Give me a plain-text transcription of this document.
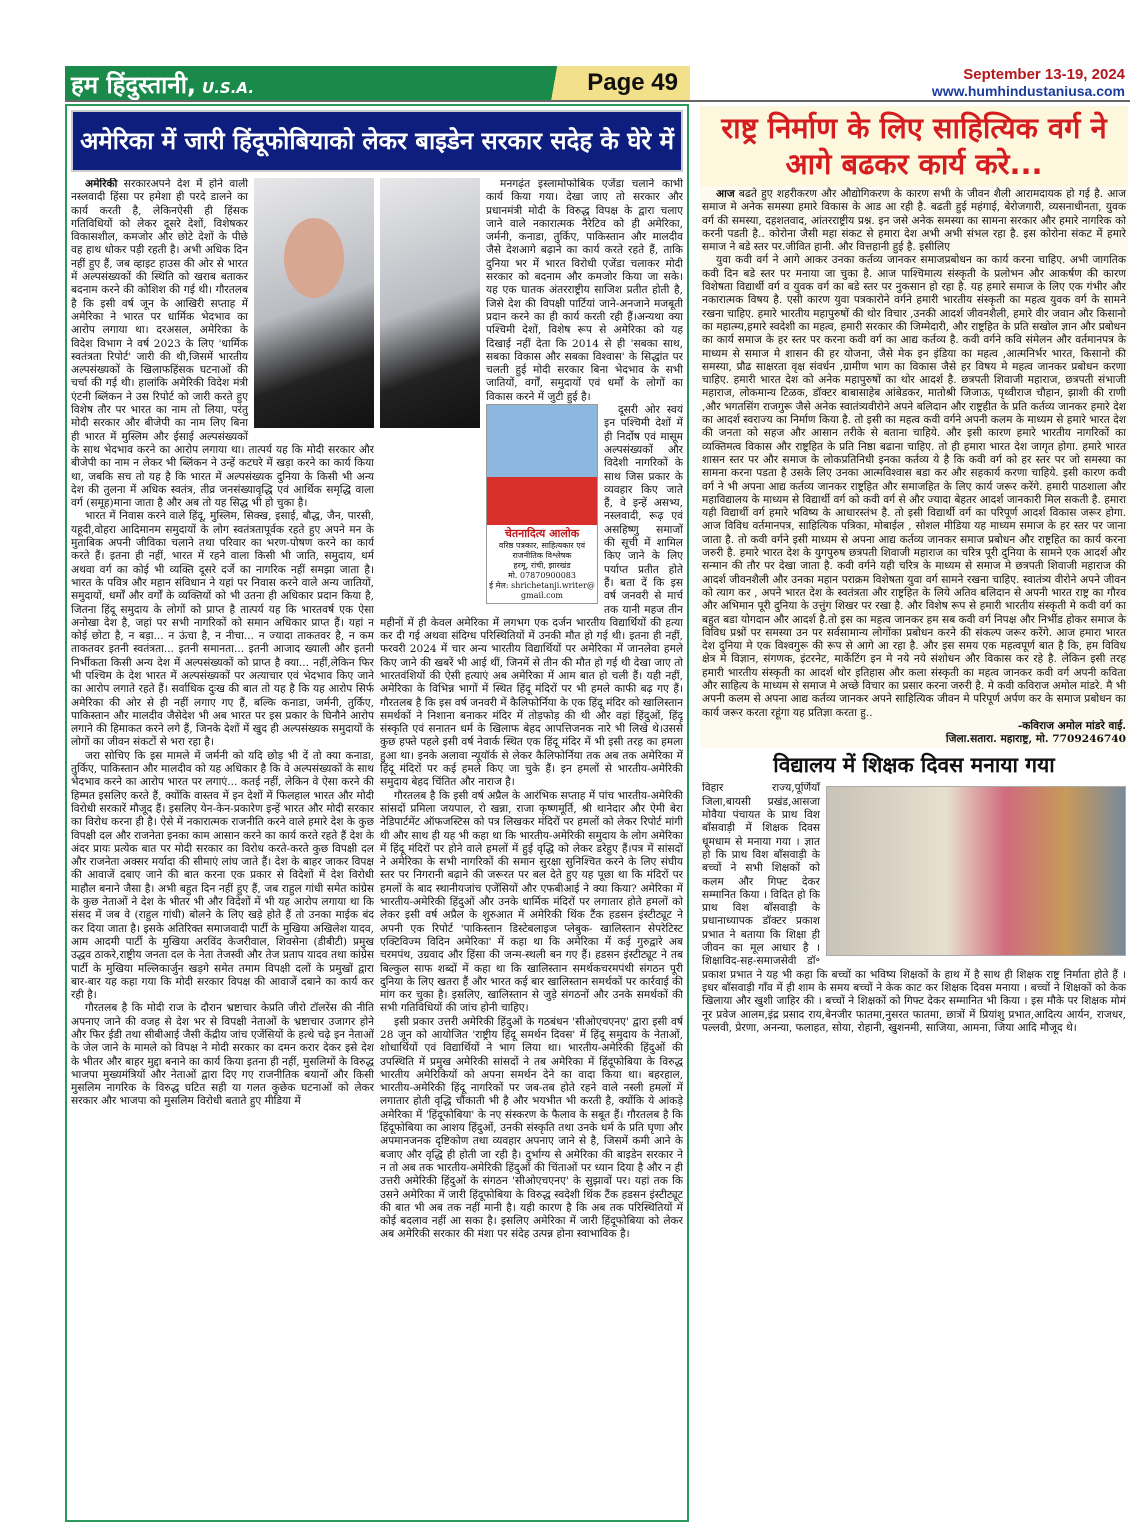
हम हिंदुस्तानी, U.S.A.	Page 49	September 13-19, 2024
www.humhindustaniusa.com
अमेरिका में जारी हिंदूफोबियाको लेकर बाइडेन सरकार सदेह के घेरे में

अमेरिकी सरकारअपने देश में होने वाली नस्लवादी हिंसा पर हमेशा ही परदे डालने का कार्य करती है, लेकिनऐसी ही हिंसक गतिविधियों को लेकर दूसरे देशों, विशेषकर विकासशील, कमजोर और छोटे देशों के पीछे वह हाथ धोकर पड़ी रहती है। अभी अधिक दिन नहीं हुए हैं, जब व्हाइट हाउस की ओर से भारत में अल्पसंख्यकों की स्थिति को खराब बताकर बदनाम करने की कोशिश की गई थी। गौरतलब है कि इसी वर्ष जून के आखिरी सप्ताह में अमेरिका ने भारत पर धार्मिक भेदभाव का आरोप लगाया था। दरअसल, अमेरिका के विदेश विभाग ने वर्ष 2023 के लिए 'धार्मिक स्वतंत्रता रिपोर्ट' जारी की थी,जिसमें भारतीय अल्पसंख्यकों के खिलाफहिंसक घटनाओं की चर्चा की गई थी। हालांकि अमेरिकी विदेश मंत्री एंटनी ब्लिंकन ने उस रिपोर्ट को जारी करते हुए विशेष तौर पर भारत का नाम तो लिया, परंतु मोदी सरकार और बीजेपी का नाम लिए बिना ही भारत में मुस्लिम और ईसाई अल्पसंख्यकों के साथ भेदभाव करने का आरोप लगाया था। तात्पर्य यह कि मोदी सरकार और बीजेपी का नाम न लेकर भी ब्लिंकन ने उन्हें कटघरे में खड़ा करने का कार्य किया था, जबकि सच तो यह है कि भारत में अल्पसंख्यक दुनिया के किसी भी अन्य देश की तुलना में अधिक स्वतंत्र, तीव्र जनसंख्यावृद्धि एवं आर्थिक समृद्धि वाला वर्ग (समूह)माना जाता है और अब तो यह सिद्ध भी हो चुका है।

भारत में निवास करने वाले हिंदू, मुस्लिम, सिक्ख, इसाई, बौद्ध, जैन, पारसी, यहूदी,वोहरा आदिमानम समुदायों के लोग स्वतंत्रतापूर्वक रहते हुए अपने मन के मुताबिक अपनी जीविका चलाने तथा परिवार का भरण-पोषण करने का कार्य करते हैं। इतना ही नहीं, भारत में रहने वाला किसी भी जाति, समुदाय, धर्म अथवा वर्ग का कोई भी व्यक्ति दूसरे दर्जे का नागरिक नहीं समझा जाता है। भारत के पवित्र और महान संविधान ने यहां पर निवास करने वाले अन्य जातियों, समुदायों, धर्मों और वर्गों के व्यक्तियों को भी उतना ही अधिकार प्रदान किया है, जितना हिंदू समुदाय के लोगों को प्राप्त है तात्पर्य यह कि भारतवर्ष एक ऐसा अनोखा देश है, जहां पर सभी नागरिकों को समान अधिकार प्राप्त हैं। यहां न कोई छोटा है, न बड़ा... न ऊंचा है, न नीचा... न ज्यादा ताकतवर है, न कम ताकतवर इतनी स्वतंत्रता... इतनी समानता... इतनी आजाद ख्याली और इतनी निर्भीकता किसी अन्य देश में अल्पसंख्यकों को प्राप्त है क्या... नहीं,लेकिन फिर भी पश्चिम के देश भारत में अल्पसंख्यकों पर अत्याचार एवं भेदभाव किए जाने का आरोप लगाते रहते हैं। सर्वाधिक दुःख की बात तो यह है कि यह आरोप सिर्फ अमेरिका की ओर से ही नहीं लगाए गए हैं, बल्कि कनाडा, जर्मनी, तुर्किए, पाकिस्तान और मालदीव जैसेदेश भी अब भारत पर इस प्रकार के घिनौने आरोप लगाने की हिमाकत करने लगे हैं, जिनके देशों में खुद ही अल्पसंख्यक समुदायों के लोगों का जीवन संकटों से भरा रहा है।

जरा सोचिए कि इस मामले में जर्मनी को यदि छोड़ भी दें तो क्या कनाडा, तुर्किए, पाकिस्तान और मालदीव को यह अधिकार है कि वे अल्पसंख्यकों के साथ भेदभाव करने का आरोप भारत पर लगाएं... कतई नहीं, लेकिन वे ऐसा करने की हिम्मत इसलिए करते हैं, क्योंकि वास्तव में इन देशों में फिलहाल भारत और मोदी विरोधी सरकारें मौजूद हैं। इसलिए येन-केन-प्रकारेण इन्हें भारत और मोदी सरकार का विरोध करना ही है। ऐसे में नकारात्मक राजनीति करने वाले हमारे देश के कुछ विपक्षी दल और राजनेता इनका काम आसान करने का कार्य करते रहते हैं देश के अंदर प्रायः प्रत्येक बात पर मोदी सरकार का विरोध करते-करते कुछ विपक्षी दल और राजनेता अक्सर मर्यादा की सीमाएं लांघ जाते हैं। देश के बाहर जाकर विपक्ष की आवाजें दबाए जाने की बात करना एक प्रकार से विदेशों में देश विरोधी माहौल बनाने जैसा है। अभी बहुत दिन नहीं हुए हैं, जब राहुल गांधी समेत कांग्रेस के कुछ नेताओं ने देश के भीतर भी और विदेशों में भी यह आरोप लगाया था कि संसद में जब वे (राहुल गांधी) बोलने के लिए खड़े होते हैं तो उनका माईक बंद कर दिया जाता है। इसके अतिरिक्त समाजवादी पार्टी के मुखिया अखिलेश यादव, आम आदमी पार्टी के मुखिया अरविंद केजरीवाल, शिवसेना (डीबीटी) प्रमुख उद्धव ठाकरे,राष्ट्रीय जनता दल के नेता तेजस्वी और तेज प्रताप यादव तथा कांग्रेस पार्टी के मुखिया मल्लिकार्जुन खड़गे समेत तमाम विपक्षी दलों के प्रमुखों द्वारा बार-बार यह कहा गया कि मोदी सरकार विपक्ष की आवाजें दबाने का कार्य कर रही है।

गौरतलब है कि मोदी राज के दौरान भ्रष्टाचार केप्रति जीरो टॉलरेंस की नीति अपनाए जाने की वजह से देश भर से विपक्षी नेताओं के भ्रष्टाचार उजागर होने और फिर ईडी तथा सीबीआई जैसी केंद्रीय जांच एजेंसियों के हत्थे चढ़े इन नेताओं के जेल जाने के मामले को विपक्ष ने मोदी सरकार का दमन करार देकर इसे देश के भीतर और बाहर मुद्दा बनाने का कार्य किया इतना ही नहीं, मुसलिमों के विरुद्ध भाजपा मुख्यमंत्रियों और नेताओं द्वारा दिए गए राजनीतिक बयानों और किसी मुसलिम नागरिक के विरुद्ध घटित सही या गलत कुछेक घटनाओं को लेकर सरकार और भाजपा को मुसलिम विरोधी बताते हुए मीडिया में

मनगढ़ंत इस्लामोफोबिक एजेंडा चलाने काभी कार्य किया गया। देखा जाए तो सरकार और प्रधानमंत्री मोदी के विरुद्ध विपक्ष के द्वारा चलाए जाने वाले नकारात्मक नैरेटिव को ही अमेरिका, जर्मनी, कनाडा, तुर्किए, पाकिस्तान और मालदीव जैसे देशआगे बढ़ाने का कार्य करते रहते हैं, ताकि दुनिया भर में भारत विरोधी एजेंडा चलाकर मोदी सरकार को बदनाम और कमजोर किया जा सके। यह एक घातक अंतरराष्ट्रीय साजिश प्रतीत होती है, जिसे देश की विपक्षी पार्टियां जाने-अनजाने मजबूती प्रदान करने का ही कार्य करती रही हैं।अन्यथा क्या पश्चिमी देशों, विशेष रूप से अमेरिका को यह दिखाई नहीं देता कि 2014 से ही 'सबका साथ, सबका विकास और सबका विश्वास' के सिद्धांत पर चलती हुई मोदी सरकार बिना भेदभाव के सभी जातियों, वर्गों, समुदायों एवं धर्मों के लोगों का विकास करने में जुटी हुई है।

चेतनादित्य आलोक
वरिष्ठ पत्रकार, साहित्यकार एवं राजनीतिक विश्लेषक
हरमू, रांची, झारखंड
मो. 07870900083
ई मेल: shrichetanji.writer@gmail.com

दूसरी ओर स्वयं इन पश्चिमी देशों में ही निर्दोष एवं मासूम अल्पसंख्यकों और विदेशी नागरिकों के साथ जिस प्रकार के व्यवहार किए जाते हैं, वे इन्हें असभ्य, नस्लवादी, रूढ़ एवं असहिष्णु समाजों की सूची में शामिल किए जाने के लिए पर्याप्त प्रतीत होते हैं। बता दें कि इस वर्ष जनवरी से मार्च तक यानी महज तीन महीनों में ही केवल अमेरिका में लगभग एक दर्जन भारतीय विद्यार्थियों की हत्या कर दी गई अथवा संदिग्ध परिस्थितियों में उनकी मौत हो गई थी। इतना ही नहीं, फरवरी 2024 में चार अन्य भारतीय विद्यार्थियों पर अमेरिका में जानलेवा हमले किए जाने की खबरें भी आई थीं, जिनमें से तीन की मौत हो गई थी देखा जाए तो भारतवंशियों की ऐसी हत्याएं अब अमेरिका में आम बात हो चली हैं। यही नहीं, अमेरिका के विभिन्न भागों में स्थित हिंदू मंदिरों पर भी हमले काफी बढ़ गए हैं। गौरतलब है कि इस वर्ष जनवरी में कैलिफोर्निया के एक हिंदू मंदिर को खालिस्तान समर्थकों ने निशाना बनाकर मंदिर में तोड़फोड़ की थी और वहां हिंदुओं, हिंदू संस्कृति एवं सनातन धर्म के खिलाफ बेहद आपत्तिजनक नारे भी लिखे थे।उससे कुछ हफ्ते पहले इसी वर्ष नेवार्क स्थित एक हिंदू मंदिर में भी इसी तरह का हमला हुआ था। इनके अलावा न्यूयॉर्क से लेकर कैलिफोर्निया तक अब तक अमेरिका में हिंदू मंदिरों पर कई हमले किए जा चुके हैं। इन हमलों से भारतीय-अमेरिकी समुदाय बेहद चिंतित और नाराज है।

गौरतलब है कि इसी वर्ष अप्रैल के आरंभिक सप्ताह में पांच भारतीय-अमेरिकी सांसदों प्रमिला जयपाल, रो खन्ना, राजा कृष्णमूर्ति, श्री थानेदार और ऐमी बेरा नेडिपार्टमेंट ऑफजस्टिस को पत्र लिखकर मंदिरों पर हमलों को लेकर रिपोर्ट मांगी थी और साथ ही यह भी कहा था कि भारतीय-अमेरिकी समुदाय के लोग अमेरिका में हिंदू मंदिरों पर होने वाले हमलों में हुई वृद्धि को लेकर डरेहुए हैं।पत्र में सांसदों ने अमेरिका के सभी नागरिकों की समान सुरक्षा सुनिश्चित करने के लिए संघीय स्तर पर निगरानी बढ़ाने की जरूरत पर बल देते हुए यह पूछा था कि मंदिरों पर हमलों के बाद स्थानीयजांच एजेंसियों और एफबीआई ने क्या किया? अमेरिका में भारतीय-अमेरिकी हिंदुओं और उनके धार्मिक मंदिरों पर लगातार होते हमलों को लेकर इसी वर्ष अप्रैल के शुरुआत में अमेरिकी थिंक टैंक हडसन इंस्टीट्यूट ने अपनी एक रिपोर्ट 'पाकिस्तान डिस्टेबलाइज प्लेबुक- खालिस्तान सेपरेटिस्ट एक्टिविज्म विदिन अमेरिका' में कहा था कि अमेरिका में कई गुरुद्वारे अब चरमपंथ, उग्रवाद और हिंसा की जन्म-स्थली बन गए हैं। हडसन इंस्टीट्यूट ने तब बिल्कुल साफ शब्दों में कहा था कि खालिस्तान समर्थकचरमपंथी संगठन पूरी दुनिया के लिए खतरा हैं और भारत कई बार खालिस्तान समर्थकों पर कार्रवाई की मांग कर चुका है। इसलिए, खालिस्तान से जुड़े संगठनों और उनके समर्थकों की सभी गतिविधियों की जांच होनी चाहिए।

इसी प्रकार उत्तरी अमेरिकी हिंदुओं के गठबंधन 'सीओएचएनए' द्वारा इसी वर्ष 28 जून को आयोजित 'राष्ट्रीय हिंदू समर्थन दिवस' में हिंदू समुदाय के नेताओं, शोधार्थियों एवं विद्यार्थियों ने भाग लिया था। भारतीय-अमेरिकी हिंदुओं की उपस्थिति में प्रमुख अमेरिकी सांसदों ने तब अमेरिका में हिंदूफोबिया के विरुद्ध भारतीय अमेरिकियों को अपना समर्थन देने का वादा किया था। बहरहाल, भारतीय-अमेरिकी हिंदू नागरिकों पर जब-तब होते रहने वाले नस्ली हमलों में लगातार होती वृद्धि चौंकाती भी है और भयभीत भी करती है, क्योंकि ये आंकड़े अमेरिका में 'हिंदूफोबिया' के नए संस्करण के फैलाव के सबूत हैं। गौरतलब है कि हिंदूफोबिया का आशय हिंदुओं, उनकी संस्कृति तथा उनके धर्म के प्रति घृणा और अपमानजनक दृष्टिकोण तथा व्यवहार अपनाए जाने से है, जिसमें कमी आने के बजाए और वृद्धि ही होती जा रही है। दुर्भाग्य से अमेरिका की बाइडेन सरकार ने न तो अब तक भारतीय-अमेरिकी हिंदुओं की चिंताओं पर ध्यान दिया है और न ही उत्तरी अमेरिकी हिंदुओं के संगठन 'सीओएचएनए' के सुझावों पर। यहां तक कि उसने अमेरिका में जारी हिंदूफोबिया के विरुद्ध स्वदेशी थिंक टैंक हडसन इंस्टीट्यूट की बात भी अब तक नहीं मानी है। यही कारण है कि अब तक परिस्थितियों में कोई बदलाव नहीं आ सका है। इसलिए अमेरिका में जारी हिंदूफोबिया को लेकर अब अमेरिकी सरकार की मंशा पर संदेह उत्पन्न होना स्वाभाविक है।

राष्ट्र निर्माण के लिए साहित्यिक वर्ग ने आगे बढकर कार्य करे...

आज बढते हुए शहरीकरण और औद्योगिकरण के कारण सभी के जीवन शैली आरामदायक हो गई है. आज समाज मे अनेक समस्या हमारे विकास के आड आ रही है. बढती हुई महंगाई, बेरोजगारी, व्यसनाधीनता, युवक वर्ग की समस्या, दहशतवाद, आंतरराष्ट्रीय प्रश्न. इन जसे अनेक समस्या का सामना सरकार और हमारे नागरिक को करनी पडती है.. कोरोना जैसी महा संकट से हमारा देश अभी अभी संभल रहा है. इस कोरोना संकट में हमारे समाज ने बडे स्तर पर.जीवित हानी. और वित्तहानी हुई है. इसीलिए

युवा कवी वर्ग ने आगे आकर उनका कर्तव्य जानकर समाजप्रबोधन का कार्य करना चाहिए. अभी जागतिक कवी दिन बडे स्तर पर मनाया जा चुका है. आज पाश्चिमात्य संस्कृती के प्रलोभन और आकर्षण की कारण विशेषता विद्यार्थी वर्ग व युवक वर्ग का बडे स्तर पर नुकसान हो रहा है. यह हमारे समाज के लिए एक गंभीर और नकारात्मक विषय है. एसी कारण युवा पत्रकारोने वर्गने हमारी भारतीय संस्कृती का महत्व युवक वर्ग के सामने रखना चाहिए. हमारे भारतीय महापुरुषों की थोर विचार ,उनकी आदर्श जीवनशैली, हमारे वीर जवान और किसानो का महात्म्य,हमारे स्वदेशी का महत्व, हमारी सरकार की जिम्मेदारी, और राष्ट्रहित के प्रति सखोल ज्ञान और प्रबोधन का कार्य समाज के हर स्तर पर करना कवी वर्ग का आद्य कर्तव्य है. कवी वर्गने कवि संमेलन और वर्तमानपत्र के माध्यम से समाज मे शासन की हर योजना, जैसे मेक इन इंडिया का महत्व ,आत्मनिर्भर भारत, किसानो की समस्या, प्रौढ साक्षरता वृक्ष संवर्धन ,ग्रामीण भाग का विकास जैसे हर विषय मे महत्व जानकर प्रबोधन करणा चाहिए. हमारी भारत देश को अनेक महापुरुषों का थोर आदर्श है. छत्रपती शिवाजी महाराज, छत्रपती संभाजी महाराज, लोकमान्य टिळक, डॉक्टर बाबासाहेब आंबेडकर, मातोश्री जिजाऊ, पृथ्वीराज चौहान, झाशी की राणी ,और भगतसिंग राजगुरू जैसे अनेक स्वातंत्र्यवीरोने अपने बलिदान और राष्ट्रहीत के प्रति कर्तव्य जानकर हमारे देश का आदर्श स्वराज्य का निर्माण किया है. तो इसी का महत्व कवी वर्गने अपनी कलम के माध्यम से हमारे भारत देश की जनता को सहज और आसान तरीके से बताना चाहिये. और इसी कारण हमारे भारतीय नागरिकों का व्यक्तिमत्व विकास और राष्ट्रहित के प्रति निष्ठा बढाना चाहिए. तो ही हमारा भारत देश जागृत होगा. हमारे भारत शासन स्तर पर और समाज के लोकप्रतिनिधी इनका कर्तव्य ये है कि कवी वर्ग को हर स्तर पर जो समस्या का सामना करना पडता है उसके लिए उनका आत्मविश्वास बडा कर और सहकार्य करणा चाहिये. इसी कारण कवी वर्ग ने भी अपना आद्य कर्तव्य जानकर राष्ट्रहित और समाजहित के लिए कार्य जरूर करेंगे. हमारी पाठशाला और महाविद्यालय के माध्यम से विद्यार्थी वर्ग को कवी वर्ग से और ज्यादा बेहतर आदर्श जानकारी मिल सकती है. हमारा यही विद्यार्थी वर्ग हमारे भविष्य के आधारस्तंभ है. तो इसी विद्यार्थी वर्ग का परिपूर्ण आदर्श विकास जरूर होगा. आज विविध वर्तमानपत्र, साहित्यिक पत्रिका, मोबाईल , सोशल मीडिया यह माध्यम समाज के हर स्तर पर जाना जाता है. तो कवी वर्गने इसी माध्यम से अपना आद्य कर्तव्य जानकर समाज प्रबोधन और राष्ट्रहित का कार्य करना जरुरी है. हमारे भारत देश के युगपुरुष छत्रपती शिवाजी महाराज का चरित्र पूरी दुनिया के सामने एक आदर्श और सन्मान की तौर पर देखा जाता है. कवी वर्गने यही चरित्र के माध्यम से समाज मे छत्रपती शिवाजी महाराज की आदर्श जीवनशैली और उनका महान पराक्रम विशेषता युवा वर्ग सामने रखना चाहिए. स्वातंत्र्य वीरोने अपने जीवन को त्याग कर , अपने भारत देश के स्वतंत्रता और राष्ट्रहित के लिये अतिव बलिदान से अपनी भारत राष्ट्र का गौरव और अभिमान पूरी दुनिया के उत्तुंग शिखर पर रखा है. और विशेष रूप से हमारी भारतीय संस्कृती मे कवी वर्ग का बहुत बडा योगदान और आदर्श है.तो इस का महत्व जानकर हम सब कवी वर्ग निपक्ष और निर्भीड होकर समाज के विविध प्रश्नों पर समस्या उन पर सर्वसामान्य लोगोंका प्रबोधन करने की संकल्प जरूर करेंगे. आज हमारा भारत देश दुनिया मे एक विश्वगुरू की रूप से आगे आ रहा है. और इस समय एक महत्वपूर्ण बात है कि, हम विविध क्षेत्र मे विज्ञान, संगणक, इंटरनेट, मार्केटिंग इन मे नये नये संशोधन और विकास कर रहे है. लेकिन इसी तरह हमारी भारतीय संस्कृती का आदर्श थोर इतिहास और कला संस्कृती का महत्व जानकर कवी वर्ग अपनी कविता और साहित्य के माध्यम से समाज मे अच्छे विचार का प्रसार करना जरुरी है. मे कवी कविराज अमोल मांडरे. मै भी अपनी कलम से अपना आद्य कर्तव्य जानकर अपने साहित्यिक जीवन मे परिपूर्ण अर्पण कर के समाज प्रबोधन का कार्य जरूर करता रहूंगा यह प्रतिज्ञा करता हु..

-कविराज अमोल मांडरे वाई.
जिला.सतारा. महाराष्ट्र, मो. 7709246740
विद्यालय में शिक्षक दिवस मनाया गया

विहार राज्य,पूर्णियाँ जिला,बायसी प्रखंड,आसजा मोवैया पंचायत के प्राथ विश बाँसवाड़ी में शिक्षक दिवस धूमधाम से मनाया गया । ज्ञात हो कि प्राथ विश बाँसवाड़ी के बच्चों ने सभी शिक्षकों को कलम और गिफ्ट देकर सम्मानित किया । विदित हो कि प्राथ विश बाँसवाड़ी के प्रधानाध्यापक डॉक्टर प्रकाश प्रभात ने बताया कि शिक्षा ही जीवन का मूल आधार है । शिक्षाविद-सह-समाजसेवी डॉ॰ प्रकाश प्रभात ने यह भी कहा कि बच्चों का भविष्य शिक्षकों के हाथ में है साथ ही शिक्षक राष्ट्र निर्माता होते हैं । इधर बाँसवाड़ी गाँव में ही शाम के समय बच्चों ने केक काट कर शिक्षक दिवस मनाया । बच्चों ने शिक्षकों को केक खिलाया और खुशी जाहिर की । बच्चों ने शिक्षकों को गिफ्ट देकर सम्मानित भी किया । इस मौके पर शिक्षक मोमं नूर प्रवेज आलम,इंद्र प्रसाद राय,बेनजीर फातमा,नुसरत फातमा, छात्रों में प्रियांशु प्रभात,आदित्य आर्यन, राजधर, पल्लवी, प्रेरणा, अनन्या, फलाहत, सोया, रोहानी, खुशनमी, साजिया, आमना, जिया आदि मौजूद थे।
